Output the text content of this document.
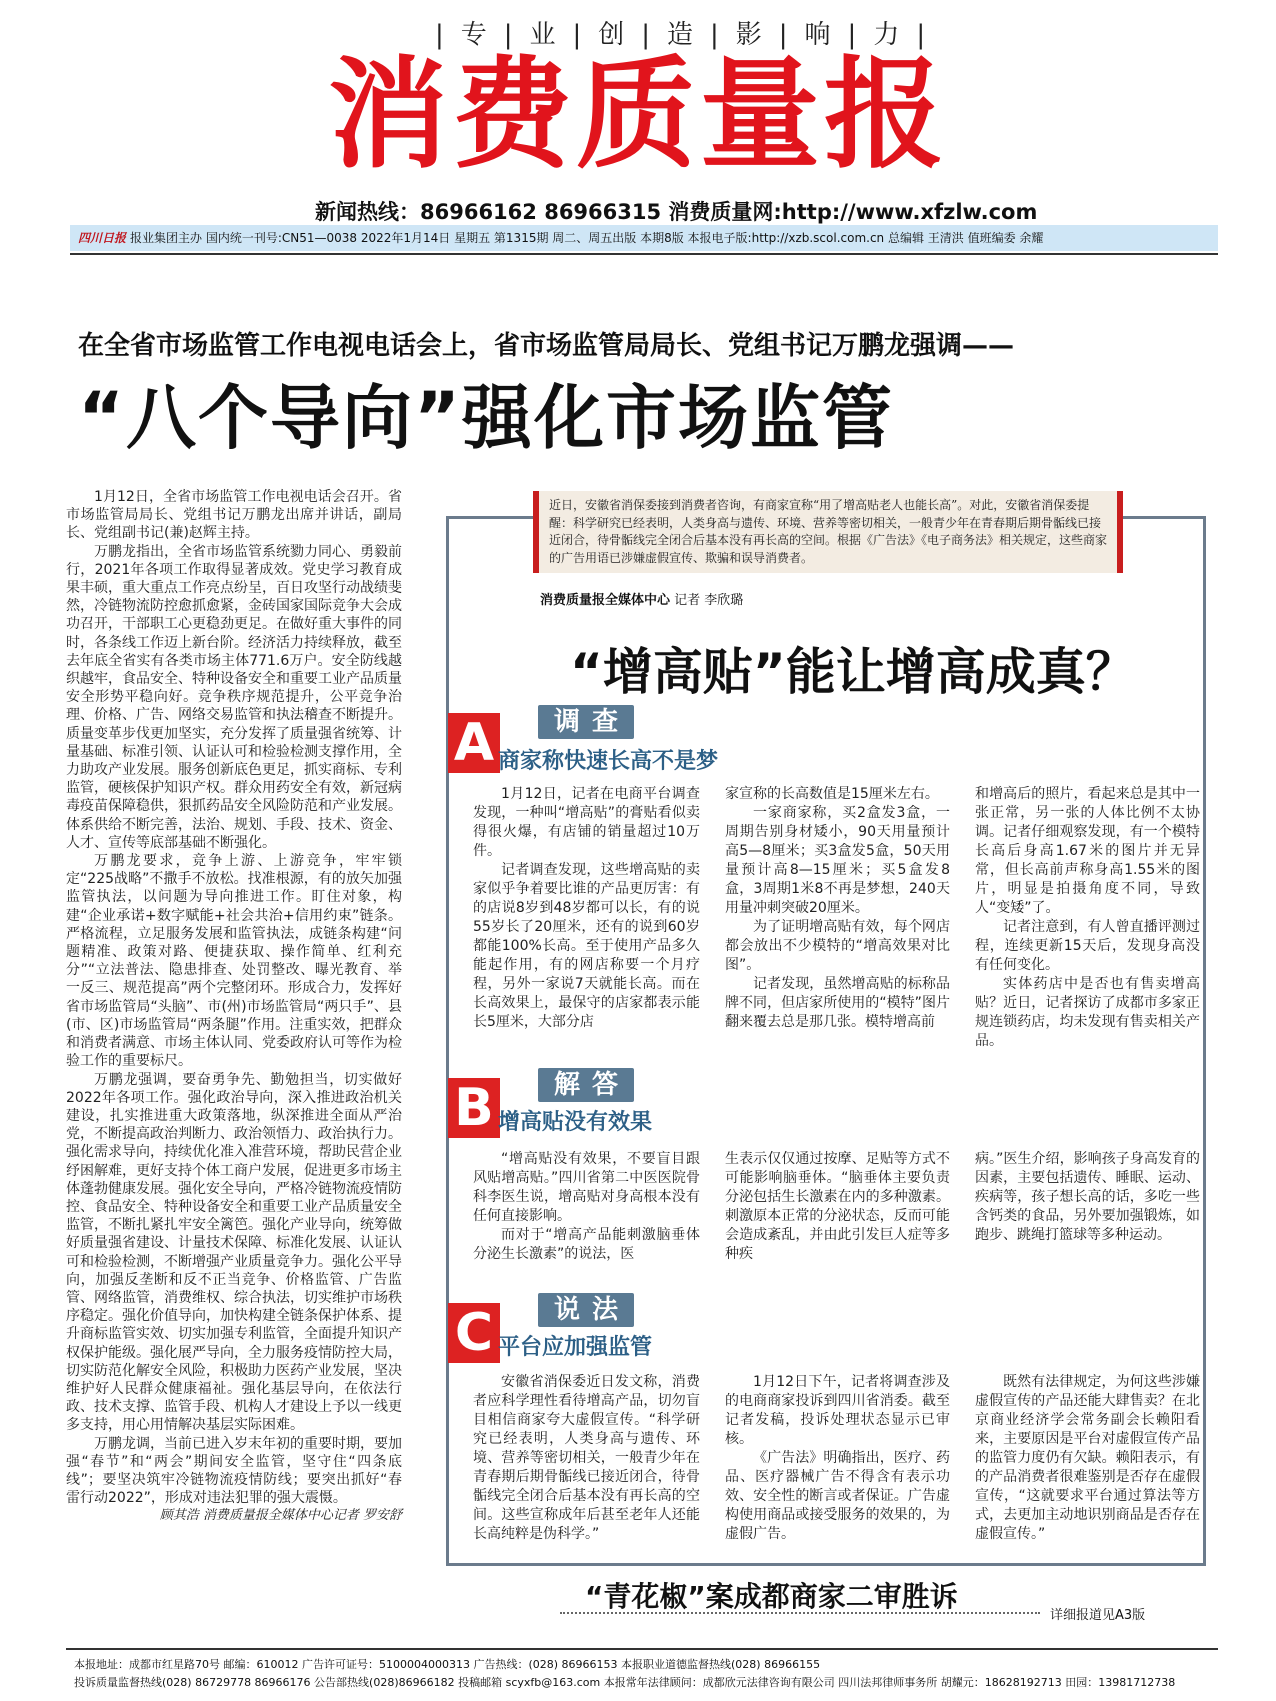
|专|业|创|造|影|响|力|
消费质量报
新闻热线：86966162 86966315 消费质量网:http://www.xfzlw.com
四川日报 报业集团主办 国内统一刊号:CN51—0038 2022年1月14日 星期五 第1315期 周二、周五出版 本期8版 本报电子版:http://xzb.scol.com.cn 总编辑 王清洪 值班编委 余耀
在全省市场监管工作电视电话会上，省市场监管局局长、党组书记万鹏龙强调——
“八个导向”强化市场监管

1月12日，全省市场监管工作电视电话会召开。省市场监管局局长、党组书记万鹏龙出席并讲话，副局长、党组副书记(兼)赵辉主持。

万鹏龙指出，全省市场监管系统勠力同心、勇毅前行，2021年各项工作取得显著成效。党史学习教育成果丰硕，重大重点工作亮点纷呈，百日攻坚行动战绩斐然，冷链物流防控愈抓愈紧，金砖国家国际竞争大会成功召开，干部职工心更稳劲更足。在做好重大事件的同时，各条线工作迈上新台阶。经济活力持续释放，截至去年底全省实有各类市场主体771.6万户。安全防线越织越牢，食品安全、特种设备安全和重要工业产品质量安全形势平稳向好。竞争秩序规范提升，公平竞争治理、价格、广告、网络交易监管和执法稽查不断提升。质量变革步伐更加坚实，充分发挥了质量强省统筹、计量基础、标准引领、认证认可和检验检测支撑作用，全力助攻产业发展。服务创新底色更足，抓实商标、专利监管，硬核保护知识产权。群众用药安全有效，新冠病毒疫苗保障稳供，狠抓药品安全风险防范和产业发展。体系供给不断完善，法治、规划、手段、技术、资金、人才、宣传等底部基础不断强化。

万鹏龙要求，竞争上游、上游竞争，牢牢锁定“225战略”不撒手不放松。找准根源，有的放矢加强监管执法，以问题为导向推进工作。盯住对象，构建“企业承诺+数字赋能+社会共治+信用约束”链条。严格流程，立足服务发展和监管执法，成链条构建“问题精准、政策对路、便捷获取、操作简单、红利充分”“立法普法、隐患排查、处罚整改、曝光教育、举一反三、规范提高”两个完整闭环。形成合力，发挥好省市场监管局“头脑”、市(州)市场监管局“两只手”、县(市、区)市场监管局“两条腿”作用。注重实效，把群众和消费者满意、市场主体认同、党委政府认可等作为检验工作的重要标尺。

万鹏龙强调，要奋勇争先、勤勉担当，切实做好2022年各项工作。强化政治导向，深入推进政治机关建设，扎实推进重大政策落地，纵深推进全面从严治党，不断提高政治判断力、政治领悟力、政治执行力。强化需求导向，持续优化准入准营环境，帮助民营企业纾困解难，更好支持个体工商户发展，促进更多市场主体蓬勃健康发展。强化安全导向，严格冷链物流疫情防控、食品安全、特种设备安全和重要工业产品质量安全监管，不断扎紧扎牢安全篱笆。强化产业导向，统筹做好质量强省建设、计量技术保障、标准化发展、认证认可和检验检测，不断增强产业质量竞争力。强化公平导向，加强反垄断和反不正当竞争、价格监管、广告监管、网络监管，消费维权、综合执法，切实维护市场秩序稳定。强化价值导向，加快构建全链条保护体系、提升商标监管实效、切实加强专利监管，全面提升知识产权保护能级。强化展严导向，全力服务疫情防控大局，切实防范化解安全风险，积极助力医药产业发展，坚决维护好人民群众健康福祉。强化基层导向，在依法行政、技术支撑、监管手段、机构人才建设上予以一线更多支持，用心用情解决基层实际困难。

万鹏龙调，当前已进入岁末年初的重要时期，要加强“春节”和“两会”期间安全监管，坚守住“四条底线”；要坚决筑牢冷链物流疫情防线；要突出抓好“春雷行动2022”，形成对违法犯罪的强大震慑。

顾其浩 消费质量报全媒体中心记者 罗安舒

近日，安徽省消保委接到消费者咨询，有商家宣称“用了增高贴老人也能长高”。对此，安徽省消保委提醒：科学研究已经表明，人类身高与遗传、环境、营养等密切相关，一般青少年在青春期后期骨骺线已接近闭合，待骨骺线完全闭合后基本没有再长高的空间。根据《广告法》《电子商务法》相关规定，这些商家的广告用语已涉嫌虚假宣传、欺骗和误导消费者。
消费质量报全媒体中心 记者 李欣璐
“增高贴”能让增高成真？
A	调查
商家称快速长高不是梦

1月12日，记者在电商平台调查发现，一种叫“增高贴”的膏贴看似卖得很火爆，有店铺的销量超过10万件。

记者调查发现，这些增高贴的卖家似乎争着要比谁的产品更厉害：有的店说8岁到48岁都可以长，有的说55岁长了20厘米，还有的说到60岁都能100%长高。至于使用产品多久能起作用，有的网店称要一个月疗程，另外一家说7天就能长高。而在长高效果上，最保守的店家都表示能长5厘米，大部分店

家宣称的长高数值是15厘米左右。

一家商家称，买2盒发3盒，一周期告别身材矮小，90天用量预计高5—8厘米；买3盒发5盒，50天用量预计高8—15厘米；买5盒发8盒，3周期1米8不再是梦想，240天用量冲刺突破20厘米。

为了证明增高贴有效，每个网店都会放出不少模特的“增高效果对比图”。

记者发现，虽然增高贴的标称品牌不同，但店家所使用的“模特”图片翻来覆去总是那几张。模特增高前

和增高后的照片，看起来总是其中一张正常，另一张的人体比例不太协调。记者仔细观察发现，有一个模特长高后身高1.67米的图片并无异常，但长高前声称身高1.55米的图片，明显是拍摄角度不同，导致人“变矮”了。

记者注意到，有人曾直播评测过程，连续更新15天后，发现身高没有任何变化。

实体药店中是否也有售卖增高贴？近日，记者探访了成都市多家正规连锁药店，均未发现有售卖相关产品。

B	解答
增高贴没有效果

“增高贴没有效果，不要盲目跟风贴增高贴。”四川省第二中医医院骨科李医生说，增高贴对身高根本没有任何直接影响。

而对于“增高产品能刺激脑垂体分泌生长激素”的说法，医

生表示仅仅通过按摩、足贴等方式不可能影响脑垂体。“脑垂体主要负责分泌包括生长激素在内的多种激素。刺激原本正常的分泌状态，反而可能会造成紊乱，并由此引发巨人症等多种疾

病。”医生介绍，影响孩子身高发育的因素，主要包括遗传、睡眠、运动、疾病等，孩子想长高的话，多吃一些含钙类的食品，另外要加强锻炼，如跑步、跳绳打篮球等多种运动。

C	说法
平台应加强监管

安徽省消保委近日发文称，消费者应科学理性看待增高产品，切勿盲目相信商家夸大虚假宣传。“科学研究已经表明，人类身高与遗传、环境、营养等密切相关，一般青少年在青春期后期骨骺线已接近闭合，待骨骺线完全闭合后基本没有再长高的空间。这些宣称成年后甚至老年人还能长高纯粹是伪科学。”

1月12日下午，记者将调查涉及的电商商家投诉到四川省消委。截至记者发稿，投诉处理状态显示已审核。

《广告法》明确指出，医疗、药品、医疗器械广告不得含有表示功效、安全性的断言或者保证。广告虚构使用商品或接受服务的效果的，为虚假广告。

既然有法律规定，为何这些涉嫌虚假宣传的产品还能大肆售卖？在北京商业经济学会常务副会长赖阳看来，主要原因是平台对虚假宣传产品的监管力度仍有欠缺。赖阳表示，有的产品消费者很难鉴别是否存在虚假宣传，“这就要求平台通过算法等方式，去更加主动地识别商品是否存在虚假宣传。”

“青花椒”案成都商家二审胜诉
详细报道见A3版
本报地址：成都市红星路70号 邮编：610012 广告许可证号：5100004000313 广告热线：(028) 86966153 本报职业道德监督热线(028) 86966155
投诉质量监督热线(028) 86729778 86966176 公告部热线(028)86966182 投稿邮箱 scyxfb@163.com 本报常年法律顾问：成都欣元法律咨询有限公司 四川法邦律师事务所 胡耀元：18628192713 田园：13981712738
